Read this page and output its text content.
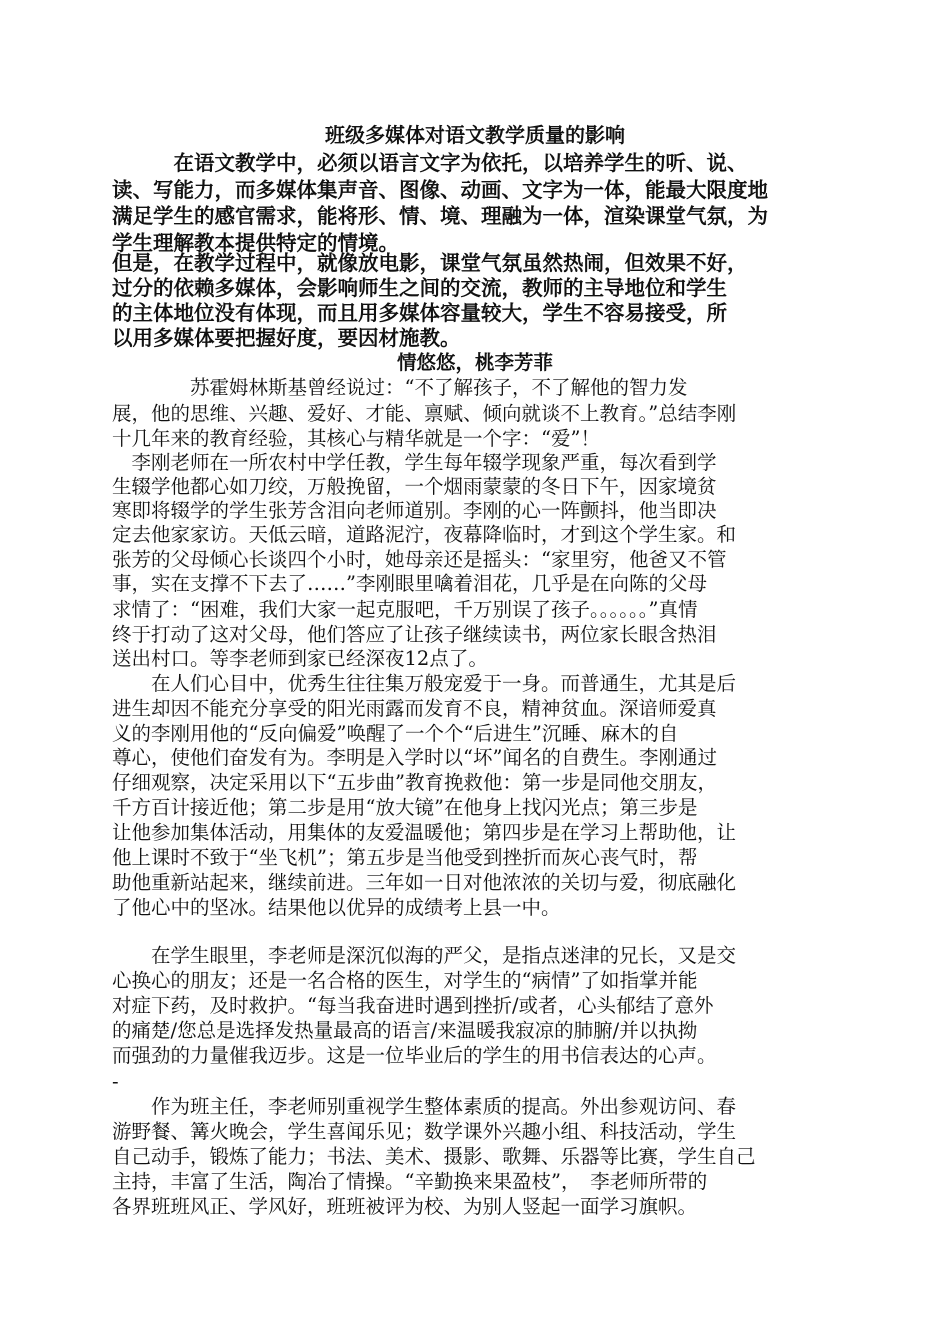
班级多媒体对语文教学质量的影响
　　　在语文教学中，必须以语言文字为依托，以培养学生的听、说、
读、写能力，而多媒体集声音、图像、动画、文字为一体，能最大限度地
满足学生的感官需求，能将形、情、境、理融为一体，渲染课堂气氛，为
学生理解教本提供特定的情境。
但是，在教学过程中，就像放电影，课堂气氛虽然热闹，但效果不好，
过分的依赖多媒体，会影响师生之间的交流，教师的主导地位和学生
的主体地位没有体现，而且用多媒体容量较大，学生不容易接受，所
以用多媒体要把握好度，要因材施教。
情悠悠，桃李芳菲
　　　　苏霍姆林斯基曾经说过：“不了解孩子，不了解他的智力发
展，他的思维、兴趣、爱好、才能、禀赋、倾向就谈不上教育。”总结李刚
十几年来的教育经验，其核心与精华就是一个字：“爱”！
　李刚老师在一所农村中学任教，学生每年辍学现象严重，每次看到学
生辍学他都心如刀绞，万般挽留，一个烟雨蒙蒙的冬日下午，因家境贫
寒即将辍学的学生张芳含泪向老师道别。李刚的心一阵颤抖，他当即决
定去他家家访。天低云暗，道路泥泞，夜幕降临时，才到这个学生家。和
张芳的父母倾心长谈四个小时，她母亲还是摇头：“家里穷，他爸又不管
事，实在支撑不下去了……”李刚眼里噙着泪花，几乎是在向陈的父母
求情了：“困难，我们大家一起克服吧，千万别误了孩子。。。。。。”真情
终于打动了这对父母，他们答应了让孩子继续读书，两位家长眼含热泪
送出村口。等李老师到家已经深夜12点了。
　　在人们心目中，优秀生往往集万般宠爱于一身。而普通生，尤其是后
进生却因不能充分享受的阳光雨露而发育不良，精神贫血。深谙师爱真
义的李刚用他的“反向偏爱”唤醒了一个个“后进生”沉睡、麻木的自
尊心，使他们奋发有为。李明是入学时以“坏”闻名的自费生。李刚通过
仔细观察，决定采用以下“五步曲”教育挽救他：第一步是同他交朋友，
千方百计接近他；第二步是用“放大镜”在他身上找闪光点；第三步是
让他参加集体活动，用集体的友爱温暖他；第四步是在学习上帮助他，让
他上课时不致于“坐飞机”；第五步是当他受到挫折而灰心丧气时，帮
助他重新站起来，继续前进。三年如一日对他浓浓的关切与爱，彻底融化
了他心中的坚冰。结果他以优异的成绩考上县一中。
　　在学生眼里，李老师是深沉似海的严父，是指点迷津的兄长，又是交
心换心的朋友；还是一名合格的医生，对学生的“病情”了如指掌并能
对症下药，及时救护。“每当我奋进时遇到挫折/或者，心头郁结了意外
的痛楚/您总是选择发热量最高的语言/来温暖我寂凉的肺腑/并以执拗
而强劲的力量催我迈步。这是一位毕业后的学生的用书信表达的心声。
-
　　作为班主任，李老师别重视学生整体素质的提高。外出参观访问、春
游野餐、篝火晚会，学生喜闻乐见；数学课外兴趣小组、科技活动，学生
自己动手，锻炼了能力；书法、美术、摄影、歌舞、乐器等比赛，学生自己
主持，丰富了生活，陶冶了情操。“辛勤换来果盈枝”，　李老师所带的
各界班班风正、学风好，班班被评为校、为别人竖起一面学习旗帜。
